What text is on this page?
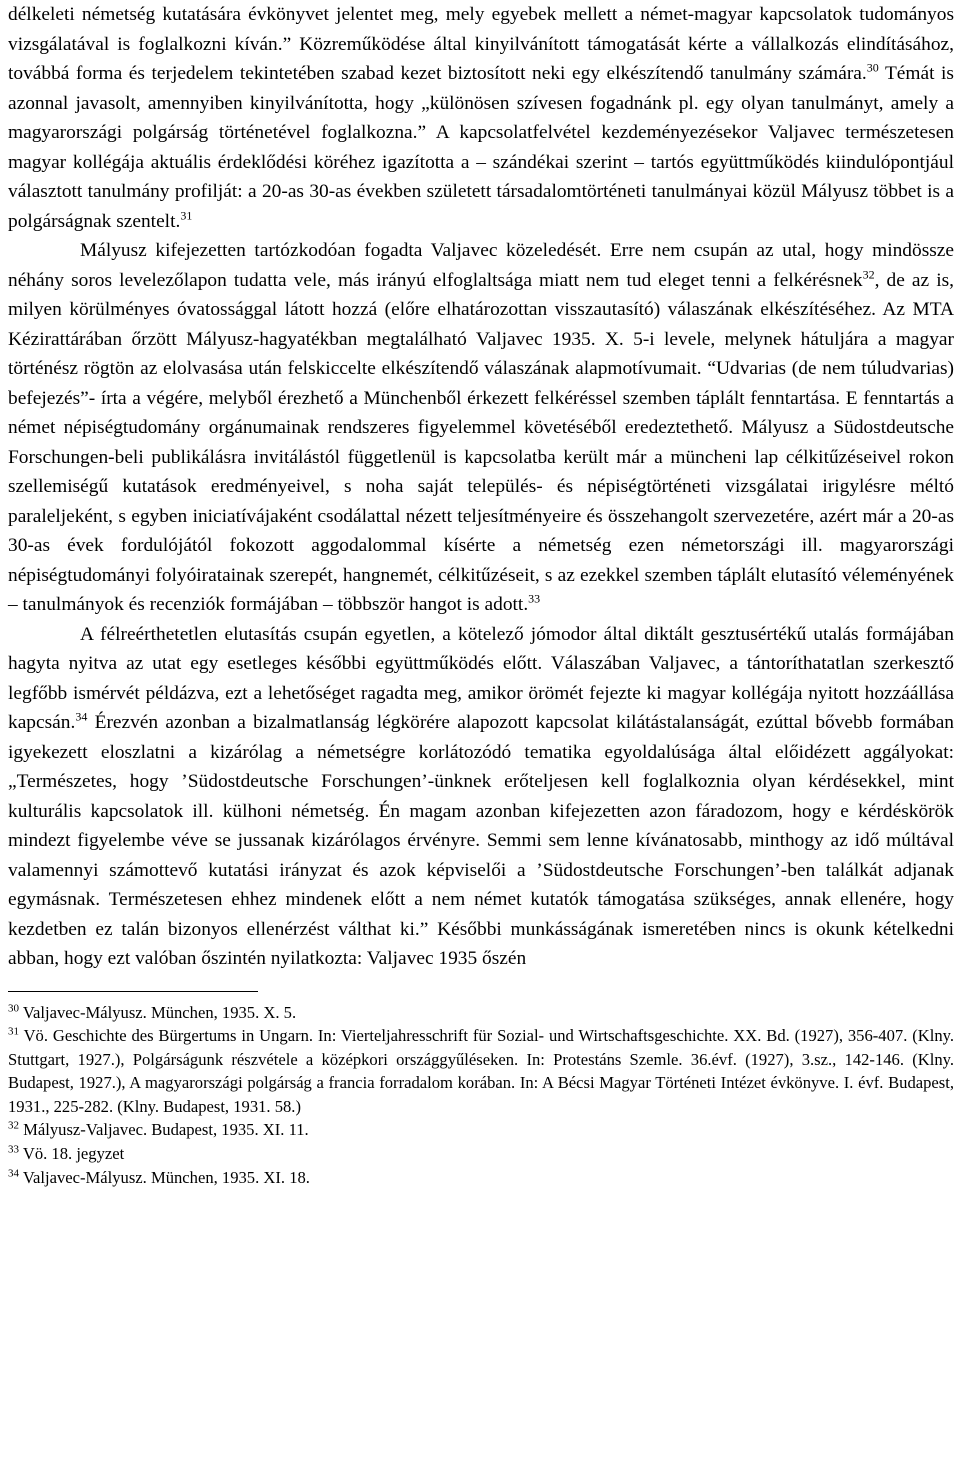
délkeleti németség kutatására évkönyvet jelentet meg, mely egyebek mellett a német-magyar kapcsolatok tudományos vizsgálatával is foglalkozni kíván.” Közreműködése által kinyilvánított támogatását kérte a vállalkozás elindításához, továbbá forma és terjedelem tekintetében szabad kezet biztosított neki egy elkészítendő tanulmány számára.$^{30}$ Témát is azonnal javasolt, amennyiben kinyilvánította, hogy „különösen szívesen fogadnánk pl. egy olyan tanulmányt, amely a magyarországi polgárság történetével foglalkozna.” A kapcsolatfelvétel kezdeményezésekor Valjavec természetesen magyar kollégája aktuális érdeklődési köréhez igazította a – szándékai szerint – tartós együttműködés kiindulópontjául választott tanulmány profilját: a 20-as 30-as években született társadalomtörténeti tanulmányai közül Mályusz többet is a polgárságnak szentelt.$^{31}$

Mályusz kifejezetten tartózkodóan fogadta Valjavec közeledését. Erre nem csupán az utal, hogy mindössze néhány soros levelezőlapon tudatta vele, más irányú elfoglaltsága miatt nem tud eleget tenni a felkérésnek$^{32}$, de az is, milyen körülményes óvatossággal látott hozzá (előre elhatározottan visszautasító) válaszának elkészítéséhez. Az MTA Kézirattárában őrzött Mályusz-hagyatékban megtalálható Valjavec 1935. X. 5-i levele, melynek hátuljára a magyar történész rögtön az elolvasása után felskiccelte elkészítendő válaszának alapmotívumait. “Udvarias (de nem túludvarias) befejezés”- írta a végére, melyből érezhető a Münchenből érkezett felkéréssel szemben táplált fenntartása. E fenntartás a német népiségtudomány orgánumainak rendszeres figyelemmel követéséből eredeztethető. Mályusz a Südostdeutsche Forschungen-beli publikálásra invitálástól függetlenül is kapcsolatba került már a müncheni lap célkitűzéseivel rokon szellemiségű kutatások eredményeivel, s noha saját település- és népiségtörténeti vizsgálatai irigylésre méltó paraleljeként, s egyben iniciatívájaként csodálattal nézett teljesítményeire és összehangolt szervezetére, azért már a 20-as 30-as évek fordulójától fokozott aggodalommal kísérte a németség ezen németországi ill. magyarországi népiségtudományi folyóiratainak szerepét, hangnemét, célkitűzéseit, s az ezekkel szemben táplált elutasító véleményének – tanulmányok és recenziók formájában – többször hangot is adott.$^{33}$

A félreérthetetlen elutasítás csupán egyetlen, a kötelező jómodor által diktált gesztusértékű utalás formájában hagyta nyitva az utat egy esetleges későbbi együttműködés előtt. Válaszában Valjavec, a tántoríthatatlan szerkesztő legfőbb ismérvét példázva, ezt a lehetőséget ragadta meg, amikor örömét fejezte ki magyar kollégája nyitott hozzáállása kapcsán.$^{34}$ Érezvén azonban a bizalmatlanság légkörére alapozott kapcsolat kilátástalanságát, ezúttal bővebb formában igyekezett eloszlatni a kizárólag a németségre korlátozódó tematika egyoldalúsága által előidézett aggályokat: „Természetes, hogy ’Südostdeutsche Forschungen’-ünknek erőteljesen kell foglalkoznia olyan kérdésekkel, mint kulturális kapcsolatok ill. külhoni németség. Én magam azonban kifejezetten azon fáradozom, hogy e kérdéskörök mindezt figyelembe véve se jussanak kizárólagos érvényre. Semmi sem lenne kívánatosabb, minthogy az idő múltával valamennyi számottevő kutatási irányzat és azok képviselői a ’Südostdeutsche Forschungen’-ben találkát adjanak egymásnak. Természetesen ehhez mindenek előtt a nem német kutatók támogatása szükséges, annak ellenére, hogy kezdetben ez talán bizonyos ellenérzést válthat ki.” Későbbi munkásságának ismeretében nincs is okunk kételkedni abban, hogy ezt valóban őszintén nyilatkozta: Valjavec 1935 őszén

$^{30}$ Valjavec-Mályusz. München, 1935. X. 5.

$^{31}$ Vö. Geschichte des Bürgertums in Ungarn. In: Vierteljahresschrift für Sozial- und Wirtschaftsgeschichte. XX. Bd. (1927), 356-407. (Klny. Stuttgart, 1927.), Polgárságunk részvétele a középkori országgyűléseken. In: Protestáns Szemle. 36.évf. (1927), 3.sz., 142-146. (Klny. Budapest, 1927.), A magyarországi polgárság a francia forradalom korában. In: A Bécsi Magyar Történeti Intézet évkönyve. I. évf. Budapest, 1931., 225-282. (Klny. Budapest, 1931. 58.)

$^{32}$ Mályusz-Valjavec. Budapest, 1935. XI. 11.

$^{33}$ Vö. 18. jegyzet

$^{34}$ Valjavec-Mályusz. München, 1935. XI. 18.
